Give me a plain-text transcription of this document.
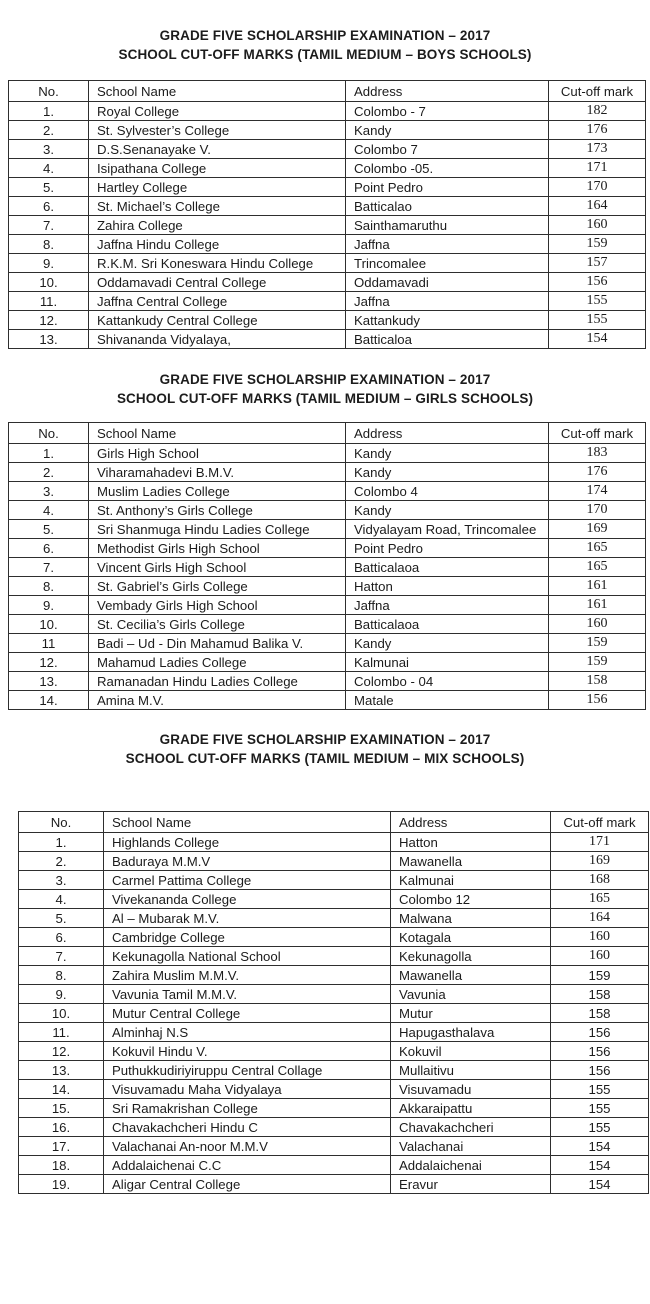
GRADE FIVE SCHOLARSHIP EXAMINATION – 2017
SCHOOL CUT-OFF MARKS (TAMIL MEDIUM – BOYS SCHOOLS)
No.	School Name	Address	Cut-off mark
1.	Royal College	Colombo - 7	182
2.	St. Sylvester’s College	Kandy	176
3.	D.S.Senanayake V.	Colombo 7	173
4.	Isipathana College	Colombo -05.	171
5.	Hartley College	Point Pedro	170
6.	St. Michael’s College	Batticalao	164
7.	Zahira College	Sainthamaruthu	160
8.	Jaffna Hindu College	Jaffna	159
9.	R.K.M. Sri Koneswara Hindu College	Trincomalee	157
10.	Oddamavadi Central College	Oddamavadi	156
11.	Jaffna Central College	Jaffna	155
12.	Kattankudy Central College	Kattankudy	155
13.	Shivananda Vidyalaya,	Batticaloa	154
GRADE FIVE SCHOLARSHIP EXAMINATION – 2017
SCHOOL CUT-OFF MARKS (TAMIL MEDIUM – GIRLS SCHOOLS)
No.	School Name	Address	Cut-off mark
1.	Girls High School	Kandy	183
2.	Viharamahadevi B.M.V.	Kandy	176
3.	Muslim Ladies College	Colombo 4	174
4.	St. Anthony’s Girls College	Kandy	170
5.	Sri Shanmuga Hindu Ladies College	Vidyalayam Road, Trincomalee	169
6.	Methodist Girls High School	Point Pedro	165
7.	Vincent Girls High School	Batticalaoa	165
8.	St. Gabriel’s Girls College	Hatton	161
9.	Vembady Girls High School	Jaffna	161
10.	St. Cecilia’s Girls College	Batticalaoa	160
11	Badi – Ud - Din Mahamud Balika V.	Kandy	159
12.	Mahamud Ladies College	Kalmunai	159
13.	Ramanadan Hindu Ladies College	Colombo - 04	158
14.	Amina M.V.	Matale	156
GRADE FIVE SCHOLARSHIP EXAMINATION – 2017
SCHOOL CUT-OFF MARKS (TAMIL MEDIUM – MIX SCHOOLS)
No.	School Name	Address	Cut-off mark
1.	Highlands College	Hatton	171
2.	Baduraya M.M.V	Mawanella	169
3.	Carmel Pattima College	Kalmunai	168
4.	Vivekananda College	Colombo 12	165
5.	Al – Mubarak M.V.	Malwana	164
6.	Cambridge College	Kotagala	160
7.	Kekunagolla National School	Kekunagolla	160
8.	Zahira Muslim M.M.V.	Mawanella	159
9.	Vavunia Tamil M.M.V.	Vavunia	158
10.	Mutur Central College	Mutur	158
11.	Alminhaj N.S	Hapugasthalava	156
12.	Kokuvil Hindu V.	Kokuvil	156
13.	Puthukkudiriyiruppu Central Collage	Mullaitivu	156
14.	Visuvamadu Maha Vidyalaya	Visuvamadu	155
15.	Sri Ramakrishan College	Akkaraipattu	155
16.	Chavakachcheri Hindu C	Chavakachcheri	155
17.	Valachanai An-noor M.M.V	Valachanai	154
18.	Addalaichenai C.C	Addalaichenai	154
19.	Aligar Central College	Eravur	154
